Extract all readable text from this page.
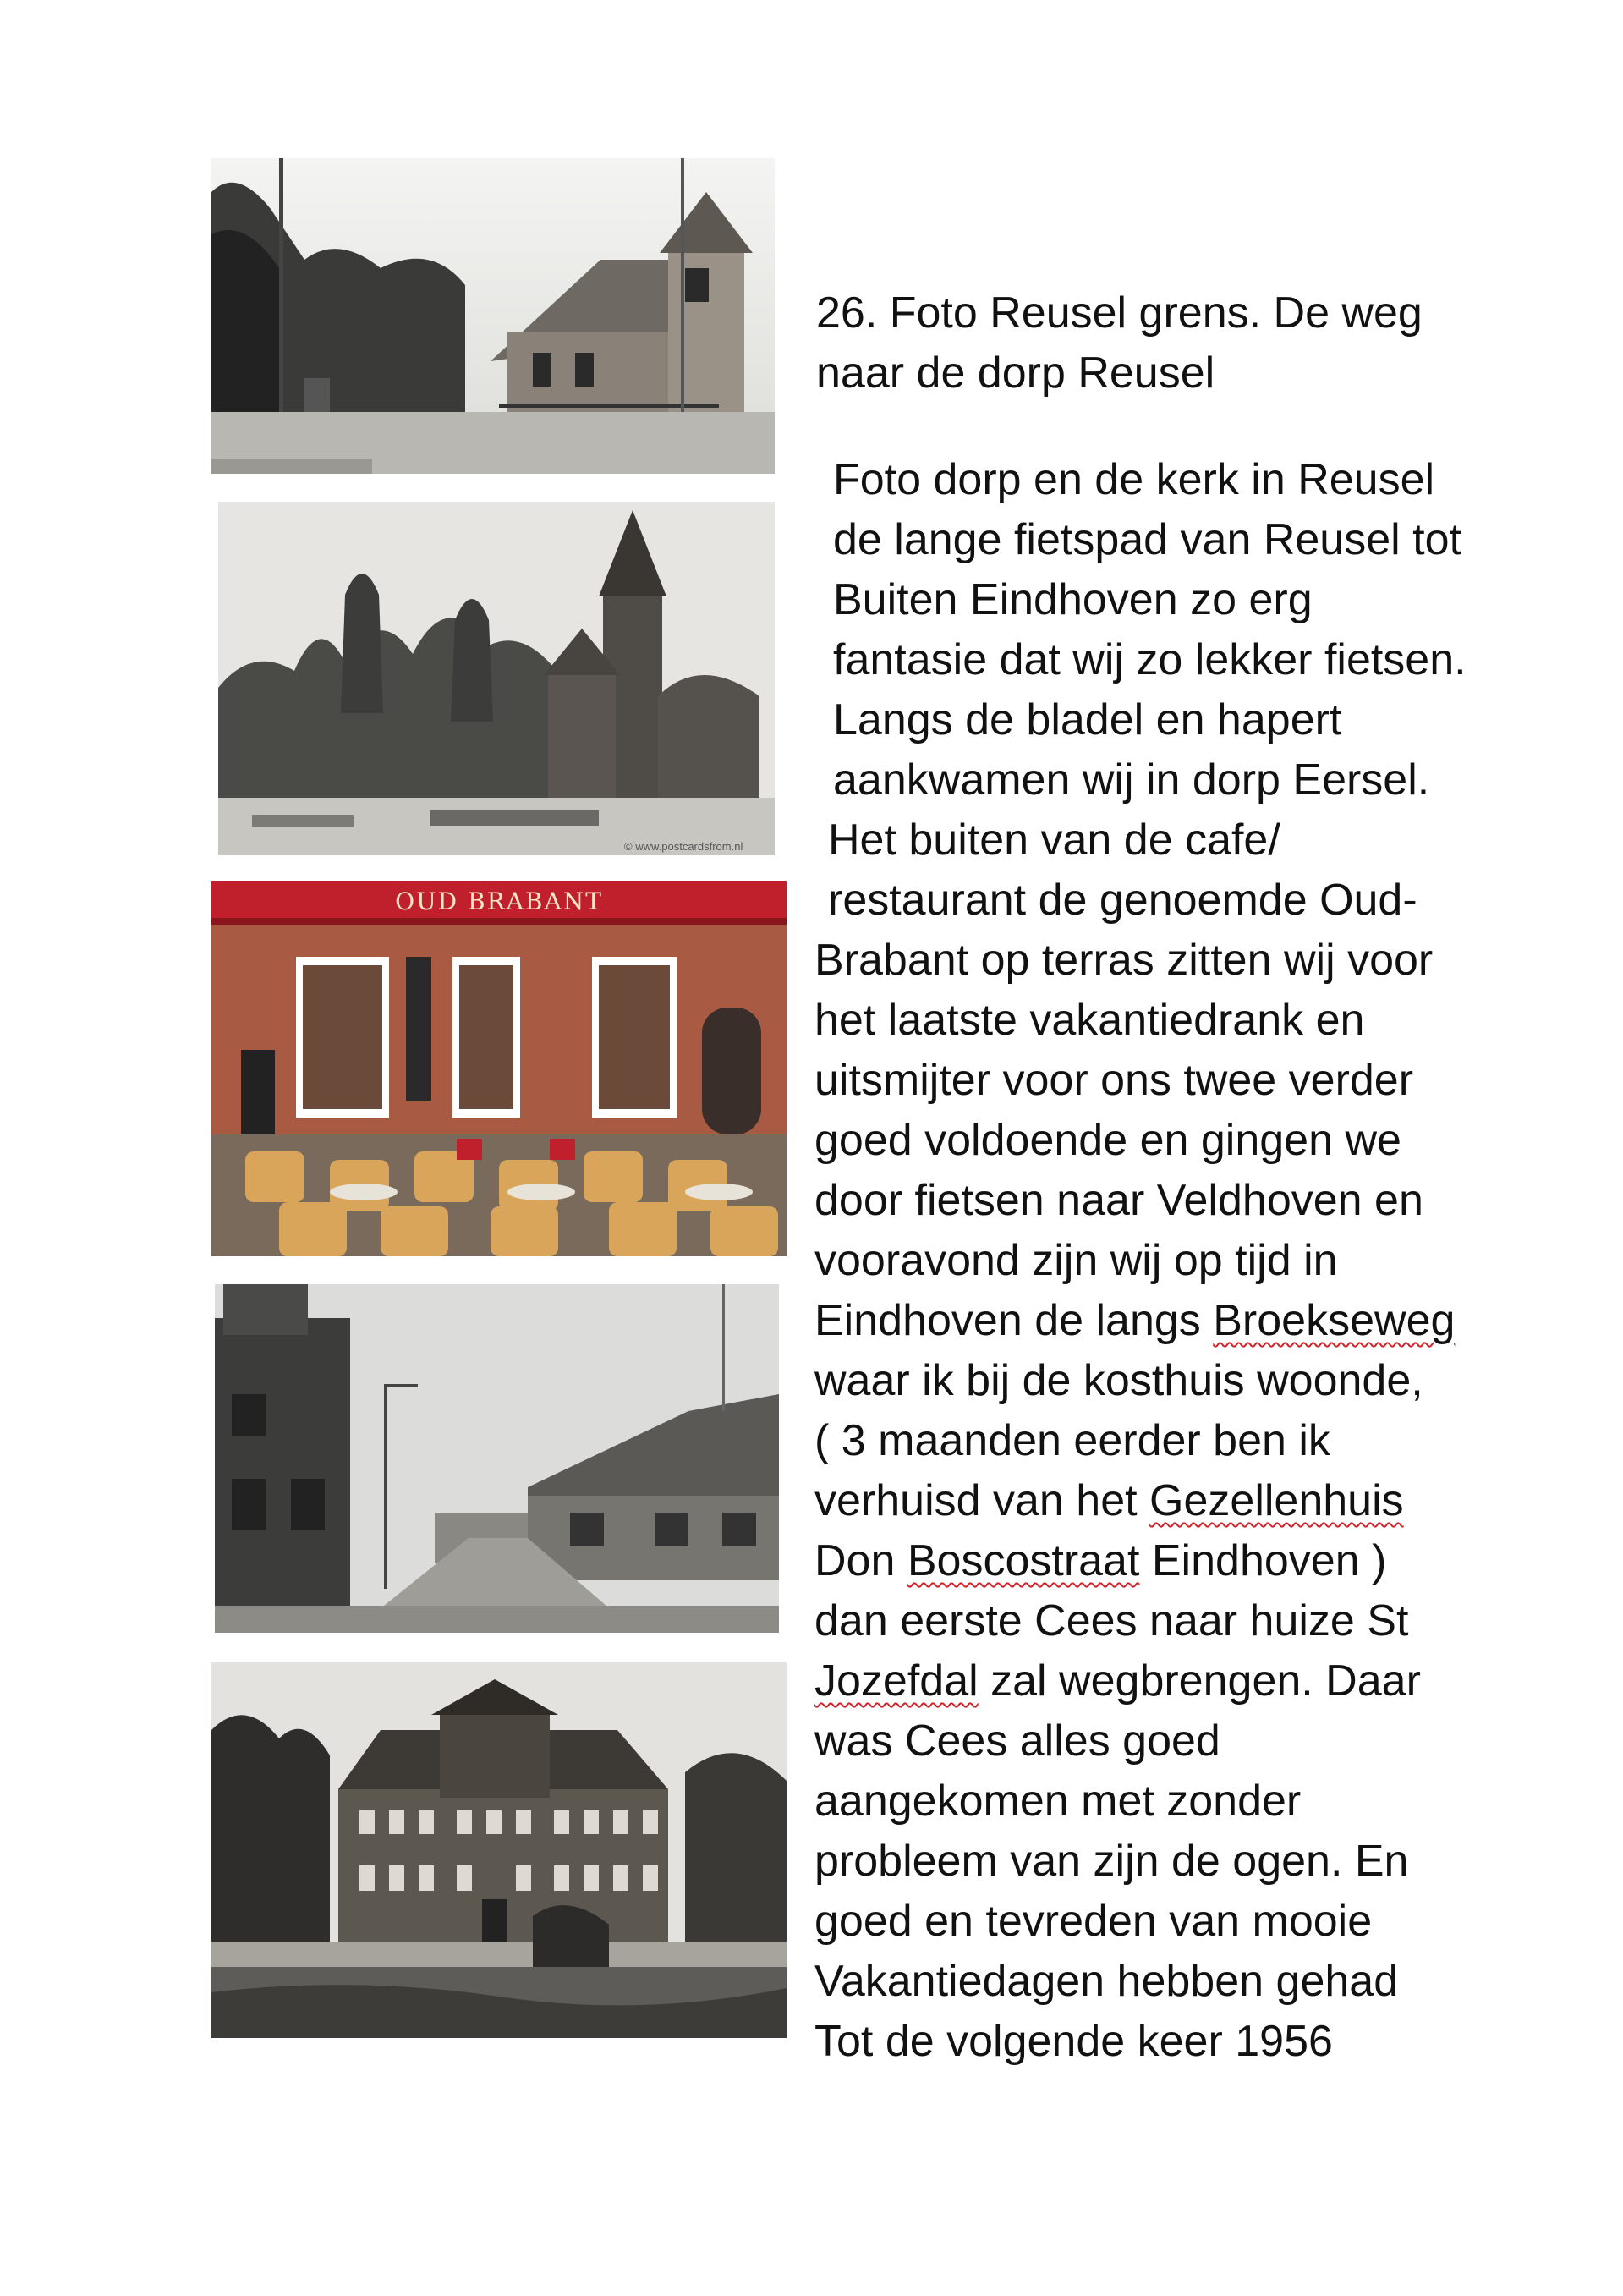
© www.postcardsfrom.nl
OUD BRABANT

26. Foto Reusel grens. De weg

naar de dorp Reusel

Foto dorp en de kerk in Reusel

de lange fietspad van Reusel tot

Buiten Eindhoven zo erg

fantasie dat wij zo lekker fietsen.

Langs de bladel en hapert

aankwamen wij in dorp Eersel.

Het buiten van de cafe/

restaurant de genoemde Oud-

Brabant op terras zitten wij voor

het laatste vakantiedrank en

uitsmijter voor ons twee verder

goed voldoende en gingen we

door fietsen naar Veldhoven en

vooravond zijn wij op tijd in

Eindhoven de langs Broekseweg

waar ik bij de kosthuis woonde,

( 3 maanden eerder ben ik

verhuisd van het Gezellenhuis

Don Boscostraat Eindhoven )

dan eerste Cees naar huize St

Jozefdal zal wegbrengen. Daar

was Cees alles goed

aangekomen met zonder

probleem van zijn de ogen. En

goed en tevreden van mooie

Vakantiedagen hebben gehad

Tot de volgende keer 1956
